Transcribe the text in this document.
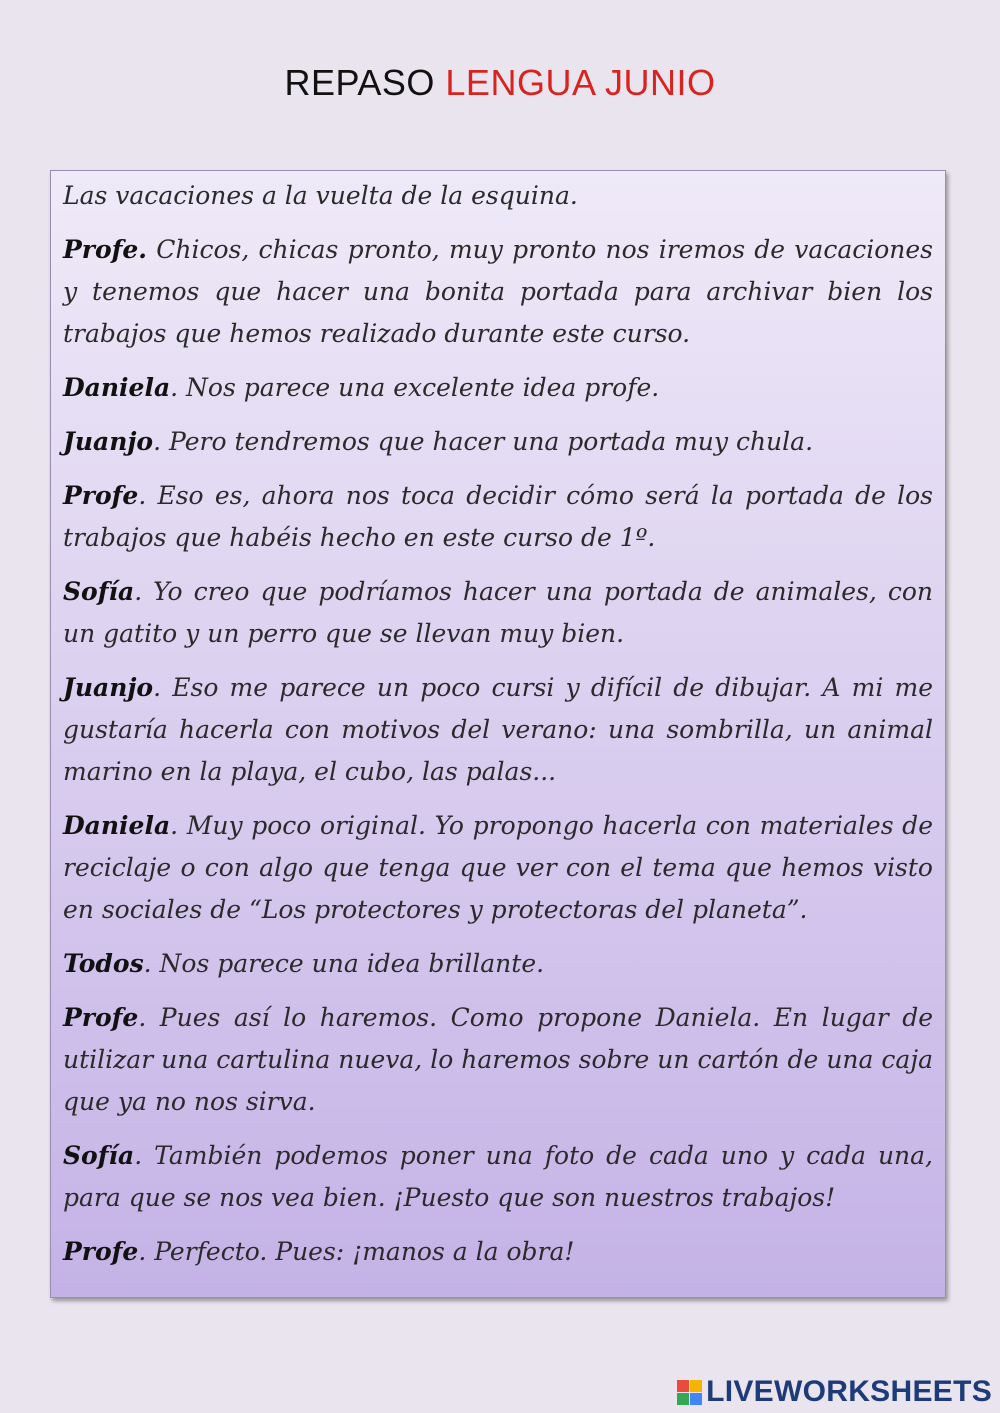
REPASO LENGUA JUNIO

Las vacaciones a la vuelta de la esquina.

Profe. Chicos, chicas pronto, muy pronto nos iremos de vacaciones y tenemos que hacer una bonita portada para archivar bien los trabajos que hemos realizado durante este curso.

Daniela. Nos parece una excelente idea profe.

Juanjo. Pero tendremos que hacer una portada muy chula.

Profe. Eso es, ahora nos toca decidir cómo será la portada de los trabajos que habéis hecho en este curso de 1º.

Sofía. Yo creo que podríamos hacer una portada de animales, con un gatito y un perro que se llevan muy bien.

Juanjo. Eso me parece un poco cursi y difícil de dibujar. A mi me gustaría hacerla con motivos del verano: una sombrilla, un animal marino en la playa, el cubo, las palas...

Daniela. Muy poco original. Yo propongo hacerla con materiales de reciclaje o con algo que tenga que ver con el tema que hemos visto en sociales de “Los protectores y protectoras del planeta”.

Todos. Nos parece una idea brillante.

Profe. Pues así lo haremos. Como propone Daniela. En lugar de utilizar una cartulina nueva, lo haremos sobre un cartón de una caja que ya no nos sirva.

Sofía. También podemos poner una foto de cada uno y cada una, para que se nos vea bien. ¡Puesto que son nuestros trabajos!

Profe. Perfecto. Pues: ¡manos a la obra!

LIVEWORKSHEETS
